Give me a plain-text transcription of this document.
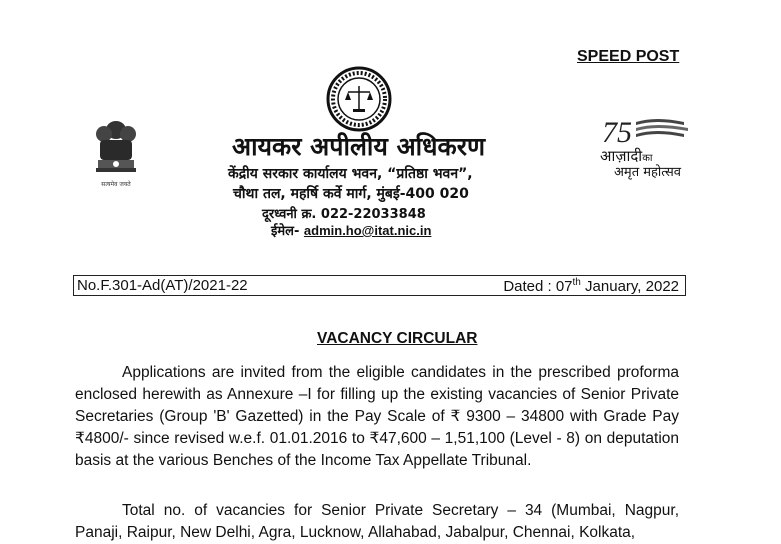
SPEED POST
सत्यमेव जयते
75
आज़ादीका
अमृत महोत्सव
आयकर अपीलीय अधिकरण
केंद्रीय सरकार कार्यालय भवन, “प्रतिष्ठा भवन”,
चौथा तल, महर्षि कर्वे मार्ग, मुंबई-400 020
दूरध्वनी क्र. 022-22033848
ईमेल- admin.ho@itat.nic.in
No.F.301-Ad(AT)/2021-22	Dated : 07th January, 2022
VACANCY CIRCULAR
Applications are invited from the eligible candidates in the prescribed proforma enclosed herewith as Annexure –I for filling up the existing vacancies of Senior Private Secretaries (Group 'B' Gazetted) in the Pay Scale of ₹ 9300 – 34800 with Grade Pay ₹4800/- since revised w.e.f. 01.01.2016 to ₹47,600 – 1,51,100 (Level - 8) on deputation basis at the various Benches of the Income Tax Appellate Tribunal.
Total no. of vacancies for Senior Private Secretary – 34 (Mumbai, Nagpur, Panaji, Raipur, New Delhi, Agra, Lucknow, Allahabad, Jabalpur, Chennai, Kolkata,
